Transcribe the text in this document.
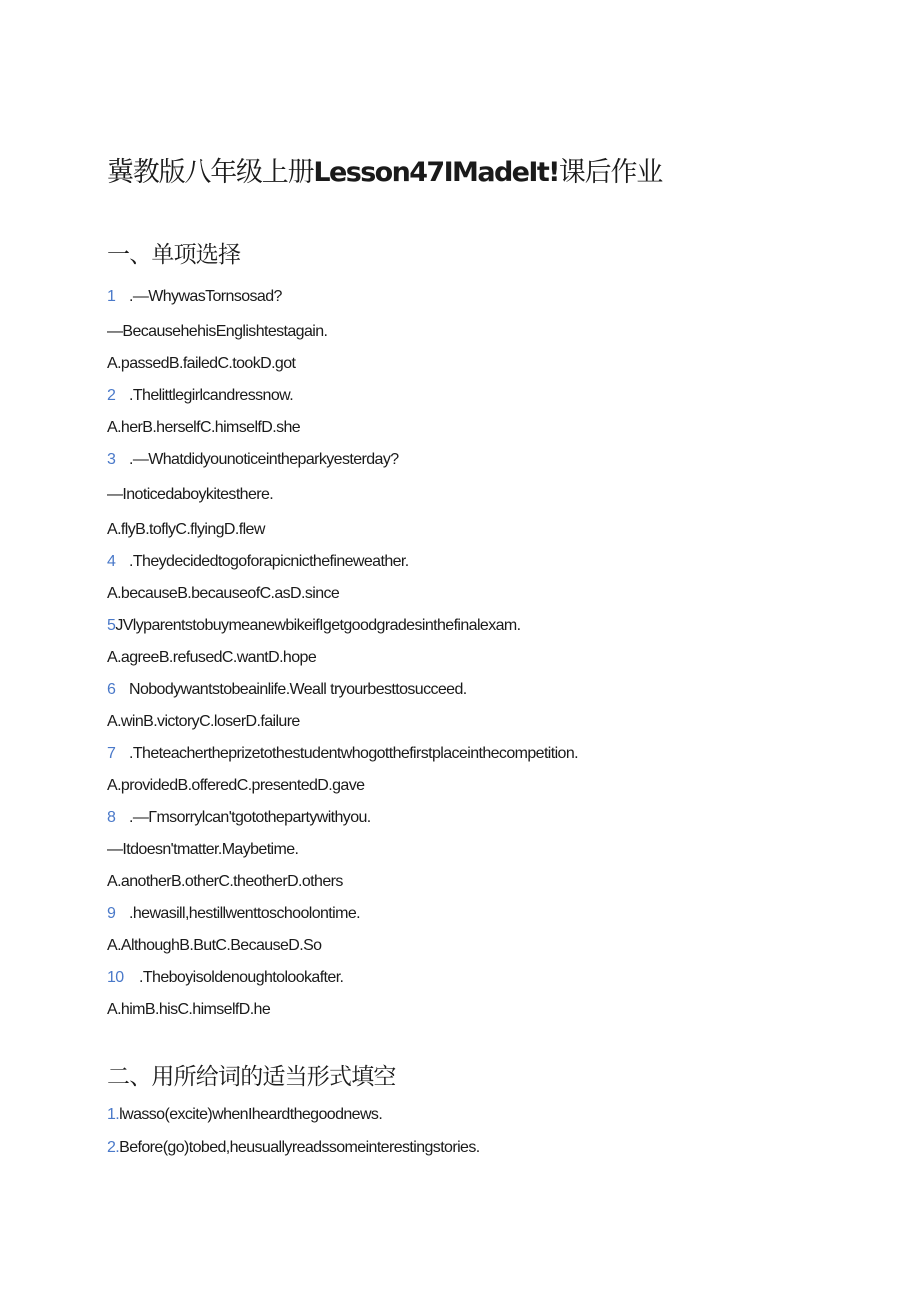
冀教版八年级上册Lesson47IMadeIt!课后作业
一、单项选择
1 .—WhywasTornsosad?
—BecausehehisEnglishtestagain.
A.passedB.failedC.tookD.got
2 .Thelittlegirlcandressnow.
A.herB.herselfC.himselfD.she
3 .—Whatdidyounoticeintheparkyesterday?
—Inoticedaboykitesthere.
A.flyB.toflyC.flyingD.flew
4 .Theydecidedtogoforapicnicthefineweather.
A.becauseB.becauseofC.asD.since
5JVlyparentstobuymeanewbikeifIgetgoodgradesinthefinalexam.
A.agreeB.refusedC.wantD.hope
6 Nobodywantstobeainlife.Weall tryourbesttosucceed.
A.winB.victoryC.loserD.failure
7 .Theteachertheprizetothestudentwhogotthefirstplaceinthecompetition.
A.providedB.offeredC.presentedD.gave
8 .—Γmsorrylcan'tgotothepartywithyou.
—Itdoesn'tmatter.Maybetime.
A.anotherB.otherC.theotherD.others
9 .hewasill,hestillwenttoschoolontime.
A.AlthoughB.ButC.BecauseD.So
10 .Theboyisoldenoughtolookafter.
A.himB.hisC.himselfD.he
二、用所给词的适当形式填空
1.lwasso(excite)whenIheardthegoodnews.
2.Before(go)tobed,heusuallyreadssomeinterestingstories.
